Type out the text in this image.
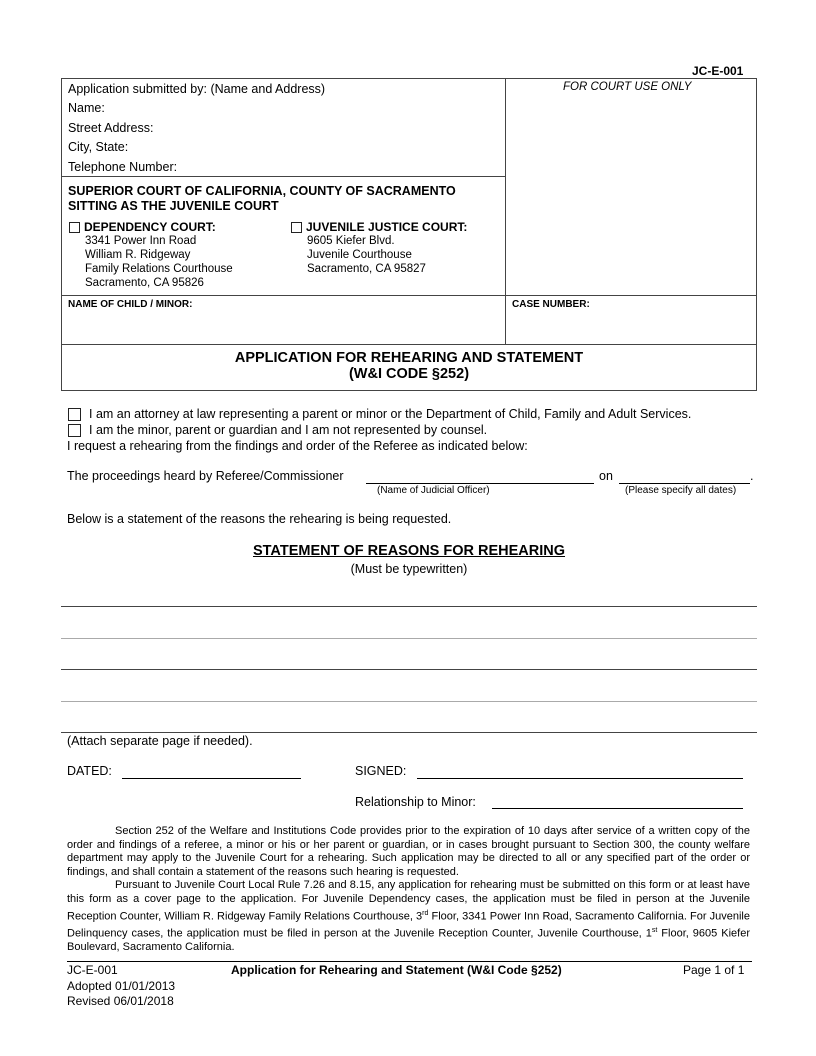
JC-E-001
Application submitted by: (Name and Address)
Name:
Street Address:
City, State:
Telephone Number:
FOR COURT USE ONLY
SUPERIOR COURT OF CALIFORNIA, COUNTY OF SACRAMENTO
SITTING AS THE JUVENILE COURT
DEPENDENCY COURT:
3341 Power Inn Road
William R. Ridgeway
Family Relations Courthouse
Sacramento, CA 95826
JUVENILE JUSTICE COURT:
9605 Kiefer Blvd.
Juvenile Courthouse
Sacramento, CA 95827
NAME OF CHILD / MINOR:	CASE NUMBER:
APPLICATION FOR REHEARING AND STATEMENT
(W&I CODE §252)
I am an attorney at law representing a parent or minor or the Department of Child, Family and Adult Services.
I am the minor, parent or guardian and I am not represented by counsel.
I request a rehearing from the findings and order of the Referee as indicated below:
The proceedings heard by Referee/Commissioner	on	.
(Name of Judicial Officer)	(Please specify all dates)
Below is a statement of the reasons the rehearing is being requested.
STATEMENT OF REASONS FOR REHEARING
(Must be typewritten)
(Attach separate page if needed).
DATED:	SIGNED:
Relationship to Minor:

Section 252 of the Welfare and Institutions Code provides prior to the expiration of 10 days after service of a written copy of the order and findings of a referee, a minor or his or her parent or guardian, or in cases brought pursuant to Section 300, the county welfare department may apply to the Juvenile Court for a rehearing. Such application may be directed to all or any specified part of the order or findings, and shall contain a statement of the reasons such hearing is requested.

Pursuant to Juvenile Court Local Rule 7.26 and 8.15, any application for rehearing must be submitted on this form or at least have this form as a cover page to the application. For Juvenile Dependency cases, the application must be filed in person at the Juvenile Reception Counter, William R. Ridgeway Family Relations Courthouse, 3rd Floor, 3341 Power Inn Road, Sacramento California. For Juvenile Delinquency cases, the application must be filed in person at the Juvenile Reception Counter, Juvenile Courthouse, 1st Floor, 9605 Kiefer Boulevard, Sacramento California.

JC-E-001
Adopted 01/01/2013
Revised 06/01/2018
Application for Rehearing and Statement (W&I Code §252)	Page 1 of 1
